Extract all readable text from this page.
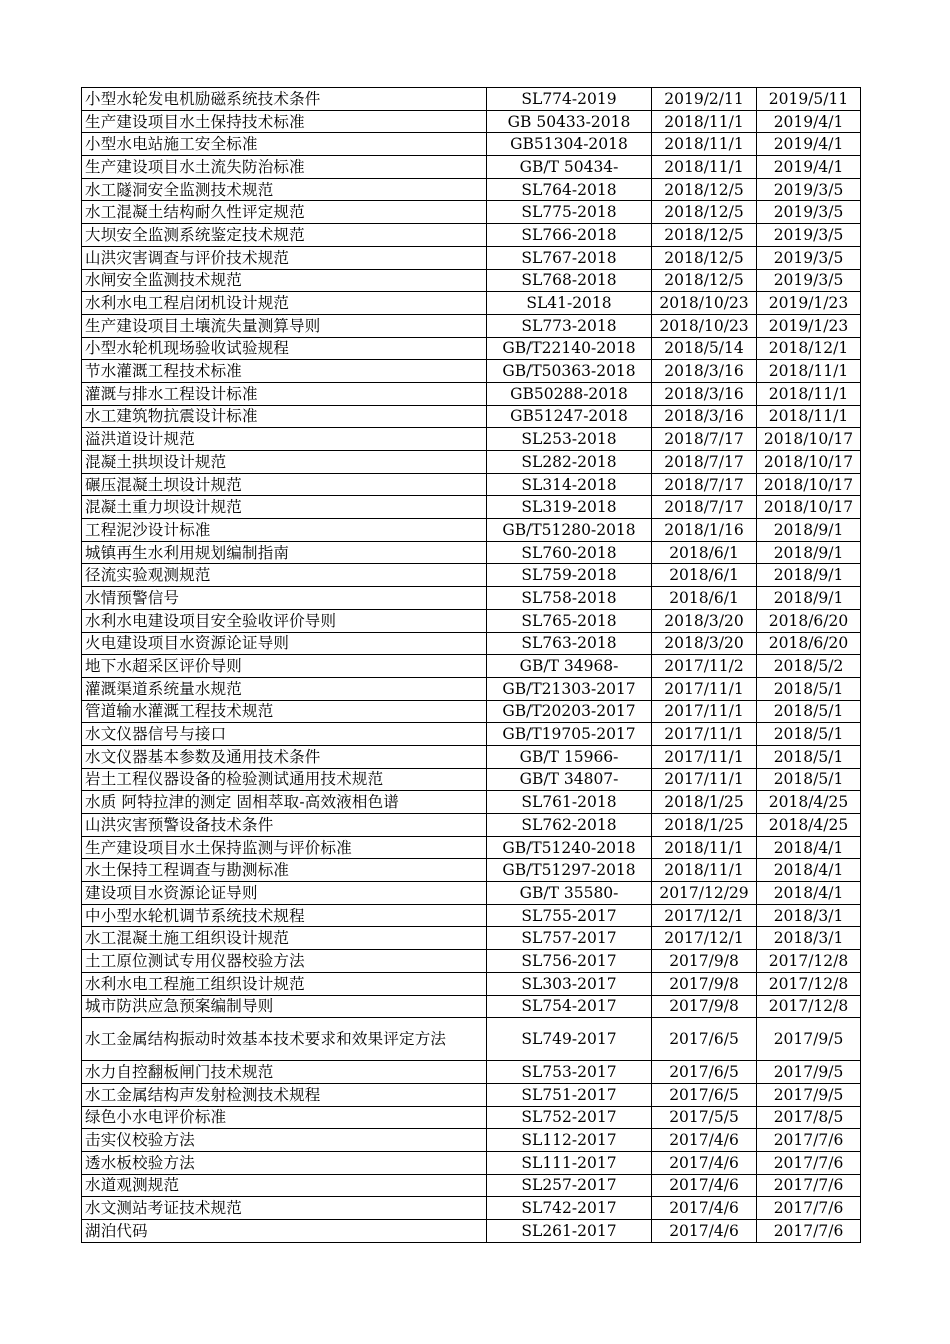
小型水轮发电机励磁系统技术条件	SL774-2019	2019/2/11	2019/5/11
生产建设项目水土保持技术标准	GB 50433-2018	2018/11/1	2019/4/1
小型水电站施工安全标准	GB51304-2018	2018/11/1	2019/4/1
生产建设项目水土流失防治标准	GB/T 50434-	2018/11/1	2019/4/1
水工隧洞安全监测技术规范	SL764-2018	2018/12/5	2019/3/5
水工混凝土结构耐久性评定规范	SL775-2018	2018/12/5	2019/3/5
大坝安全监测系统鉴定技术规范	SL766-2018	2018/12/5	2019/3/5
山洪灾害调查与评价技术规范	SL767-2018	2018/12/5	2019/3/5
水闸安全监测技术规范	SL768-2018	2018/12/5	2019/3/5
水利水电工程启闭机设计规范	SL41-2018	2018/10/23	2019/1/23
生产建设项目土壤流失量测算导则	SL773-2018	2018/10/23	2019/1/23
小型水轮机现场验收试验规程	GB/T22140-2018	2018/5/14	2018/12/1
节水灌溉工程技术标准	GB/T50363-2018	2018/3/16	2018/11/1
灌溉与排水工程设计标准	GB50288-2018	2018/3/16	2018/11/1
水工建筑物抗震设计标准	GB51247-2018	2018/3/16	2018/11/1
溢洪道设计规范	SL253-2018	2018/7/17	2018/10/17
混凝土拱坝设计规范	SL282-2018	2018/7/17	2018/10/17
碾压混凝土坝设计规范	SL314-2018	2018/7/17	2018/10/17
混凝土重力坝设计规范	SL319-2018	2018/7/17	2018/10/17
工程泥沙设计标准	GB/T51280-2018	2018/1/16	2018/9/1
城镇再生水利用规划编制指南	SL760-2018	2018/6/1	2018/9/1
径流实验观测规范	SL759-2018	2018/6/1	2018/9/1
水情预警信号	SL758-2018	2018/6/1	2018/9/1
水利水电建设项目安全验收评价导则	SL765-2018	2018/3/20	2018/6/20
火电建设项目水资源论证导则	SL763-2018	2018/3/20	2018/6/20
地下水超采区评价导则	GB/T 34968-	2017/11/2	2018/5/2
灌溉渠道系统量水规范	GB/T21303-2017	2017/11/1	2018/5/1
管道输水灌溉工程技术规范	GB/T20203-2017	2017/11/1	2018/5/1
水文仪器信号与接口	GB/T19705-2017	2017/11/1	2018/5/1
水文仪器基本参数及通用技术条件	GB/T 15966-	2017/11/1	2018/5/1
岩土工程仪器设备的检验测试通用技术规范	GB/T 34807-	2017/11/1	2018/5/1
水质 阿特拉津的测定 固相萃取-高效液相色谱	SL761-2018	2018/1/25	2018/4/25
山洪灾害预警设备技术条件	SL762-2018	2018/1/25	2018/4/25
生产建设项目水土保持监测与评价标准	GB/T51240-2018	2018/11/1	2018/4/1
水土保持工程调查与勘测标准	GB/T51297-2018	2018/11/1	2018/4/1
建设项目水资源论证导则	GB/T 35580-	2017/12/29	2018/4/1
中小型水轮机调节系统技术规程	SL755-2017	2017/12/1	2018/3/1
水工混凝土施工组织设计规范	SL757-2017	2017/12/1	2018/3/1
土工原位测试专用仪器校验方法	SL756-2017	2017/9/8	2017/12/8
水利水电工程施工组织设计规范	SL303-2017	2017/9/8	2017/12/8
城市防洪应急预案编制导则	SL754-2017	2017/9/8	2017/12/8
水工金属结构振动时效基本技术要求和效果评定方法	SL749-2017	2017/6/5	2017/9/5
水力自控翻板闸门技术规范	SL753-2017	2017/6/5	2017/9/5
水工金属结构声发射检测技术规程	SL751-2017	2017/6/5	2017/9/5
绿色小水电评价标准	SL752-2017	2017/5/5	2017/8/5
击实仪校验方法	SL112-2017	2017/4/6	2017/7/6
透水板校验方法	SL111-2017	2017/4/6	2017/7/6
水道观测规范	SL257-2017	2017/4/6	2017/7/6
水文测站考证技术规范	SL742-2017	2017/4/6	2017/7/6
湖泊代码	SL261-2017	2017/4/6	2017/7/6
